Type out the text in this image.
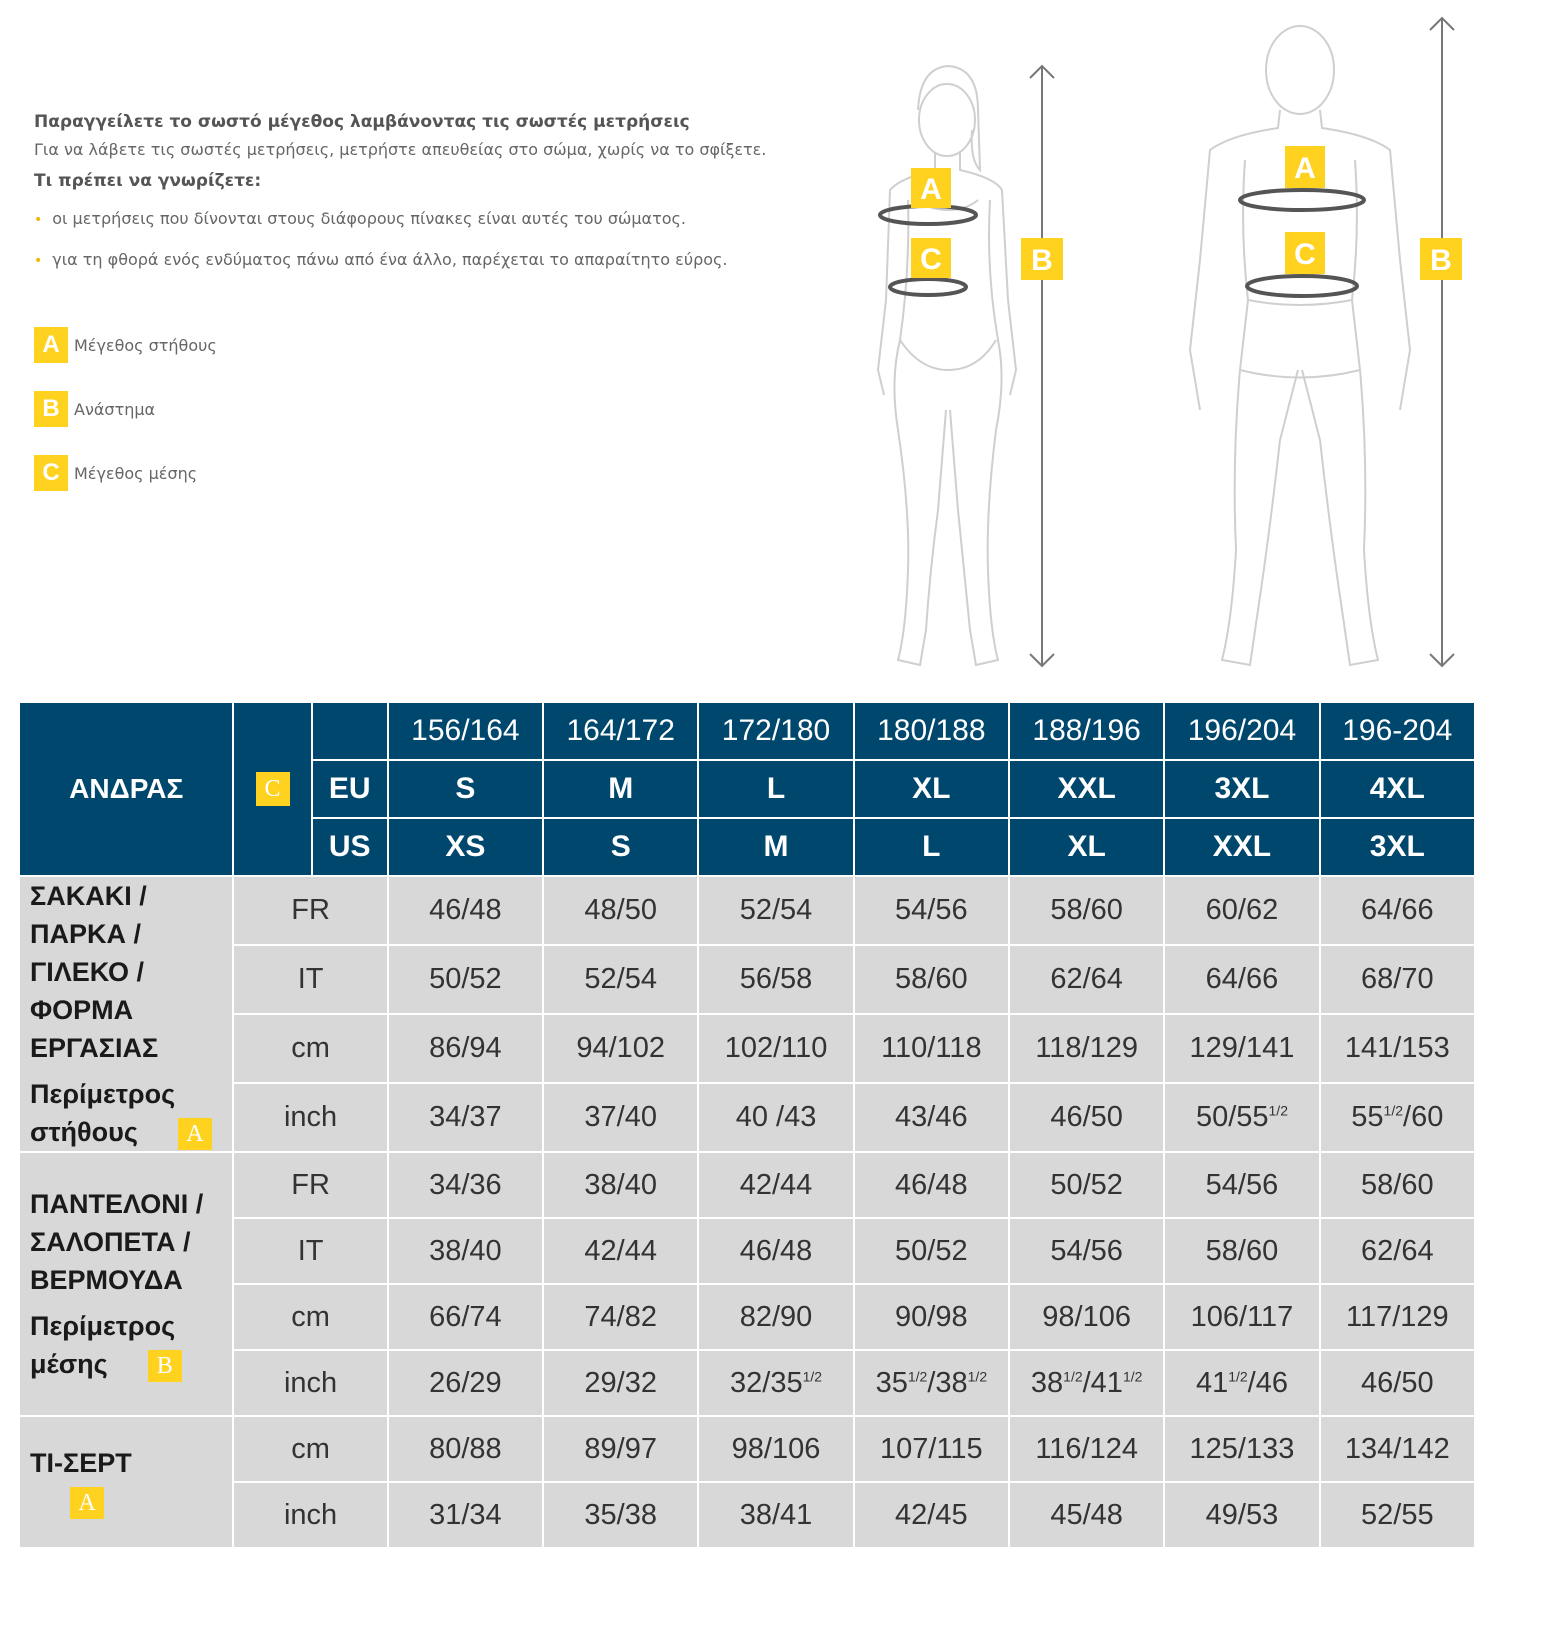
Παραγγείλετε το σωστό μέγεθος λαμβάνοντας τις σωστές μετρήσεις
Για να λάβετε τις σωστές μετρήσεις, μετρήστε απευθείας στο σώμα, χωρίς να το σφίξετε.
Τι πρέπει να γνωρίζετε:
• οι μετρήσεις που δίνονται στους διάφορους πίνακες είναι αυτές του σώματος.
• για τη φθορά ενός ενδύματος πάνω από ένα άλλο, παρέχεται το απαραίτητο εύρος.
A Μέγεθος στήθους
B Ανάστημα
C Μέγεθος μέσης
A
C	B
A
C	B
ΑΝΔΡΑΣ	C		156/164	164/172	172/180	180/188	188/196	196/204	196-204
		EU	S	M	L	XL	XXL	3XL	4XL
		US	XS	S	M	L	XL	XXL	3XL

ΣΑΚΑΚΙ / ΠΑΡΚΑ / ΓΙΛΕΚΟ / ΦΟΡΜΑ ΕΡΓΑΣΙΑΣ
Περίμετρος στήθους A	FR		46/48	48/50	52/54	54/56	58/60	60/62	64/66
	IT		50/52	52/54	56/58	58/60	62/64	64/66	68/70
	cm		86/94	94/102	102/110	110/118	118/129	129/141	141/153
	inch		34/37	37/40	40 /43	43/46	46/50	$50/55^{1/2}$	$55^{1/2}/60$

ΠΑΝΤΕΛΟΝΙ / ΣΑΛΟΠΕΤΑ / ΒΕΡΜΟΥΔΑ
Περίμετρος μέσης B	FR		34/36	38/40	42/44	46/48	50/52	54/56	58/60
	IT		38/40	42/44	46/48	50/52	54/56	58/60	62/64
	cm		66/74	74/82	82/90	90/98	98/106	106/117	117/129
	inch		26/29	29/32	$32/35^{1/2}$	$35^{1/2}/38^{1/2}$	$38^{1/2}/41^{1/2}$	$41^{1/2}/46$	46/50

ΤΙ-ΣΕΡΤ
A	cm		80/88	89/97	98/106	107/115	116/124	125/133	134/142
	inch		31/34	35/38	38/41	42/45	45/48	49/53	52/55
